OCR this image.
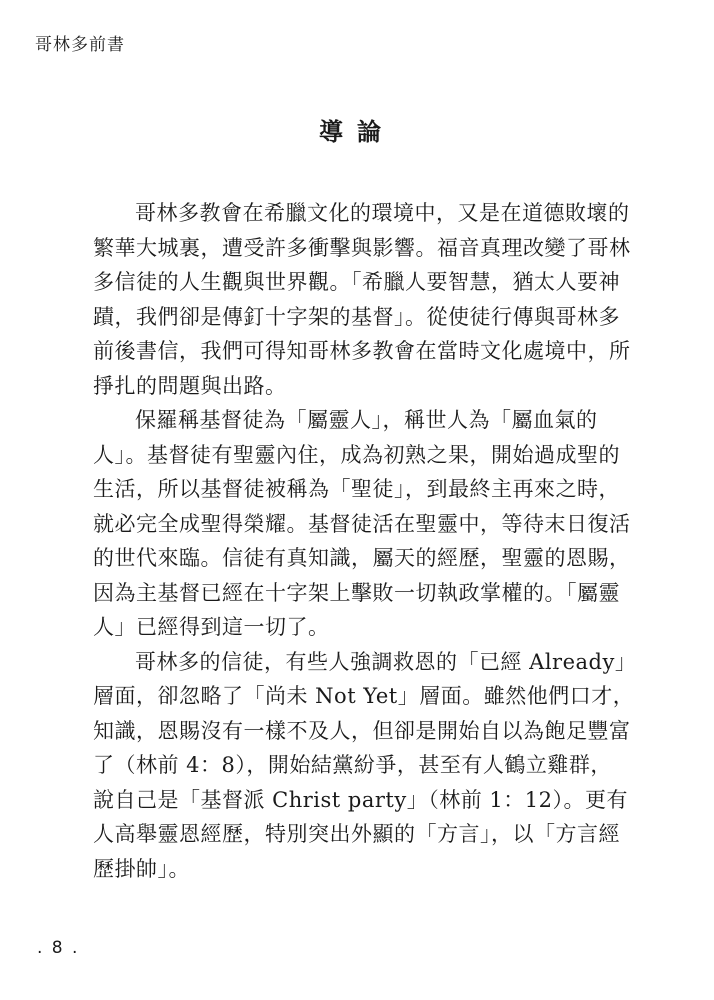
哥林多前書
導論
哥林多教會在希臘文化的環境中，又是在道德敗壞的
繁華大城裏，遭受許多衝擊與影響。福音真理改變了哥林
多信徒的人生觀與世界觀。「希臘人要智慧，猶太人要神
蹟，我們卻是傳釘十字架的基督」。從使徒行傳與哥林多
前後書信，我們可得知哥林多教會在當時文化處境中，所
掙扎的問題與出路。
保羅稱基督徒為「屬靈人」，稱世人為「屬血氣的
人」。基督徒有聖靈內住，成為初熟之果，開始過成聖的
生活，所以基督徒被稱為「聖徒」，到最終主再來之時，
就必完全成聖得榮耀。基督徒活在聖靈中，等待末日復活
的世代來臨。信徒有真知識，屬天的經歷，聖靈的恩賜，
因為主基督已經在十字架上擊敗一切執政掌權的。「屬靈
人」已經得到這一切了。
哥林多的信徒，有些人強調救恩的「已經 Already」
層面，卻忽略了「尚未 Not Yet」層面。雖然他們口才，
知識，恩賜沒有一樣不及人，但卻是開始自以為飽足豐富
了（林前 4：8），開始結黨紛爭，甚至有人鶴立雞群，
說自己是「基督派 Christ party」（林前 1：12）。更有
人高舉靈恩經歷，特別突出外顯的「方言」，以「方言經
歷掛帥」。
. 8 .
